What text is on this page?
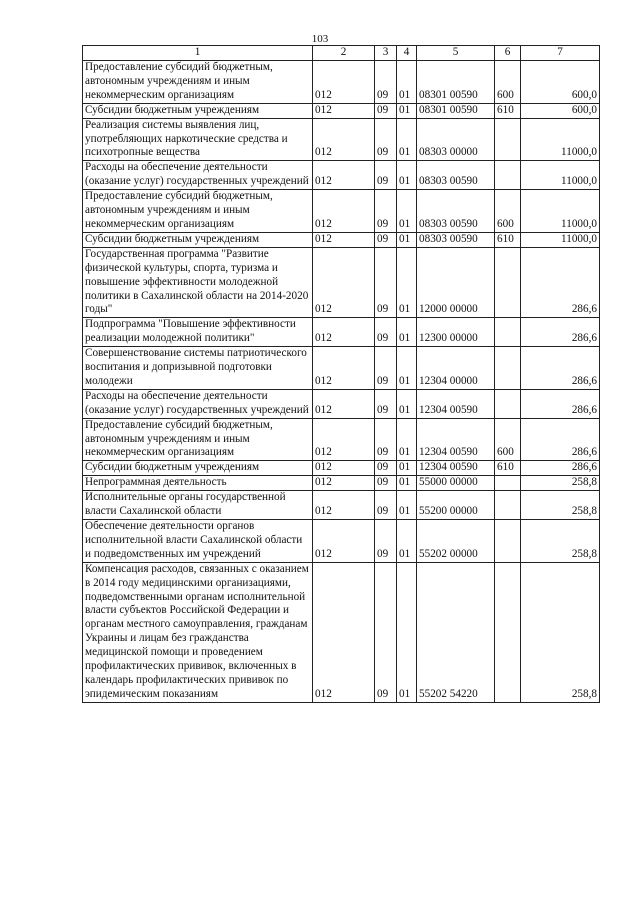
103
1	2	3	4	5	6	7
Предоставление субсидий бюджетным, автономным учреждениям и иным некоммерческим организациям	012	09	01	08301 00590	600	600,0
Субсидии бюджетным учреждениям	012	09	01	08301 00590	610	600,0
Реализация системы выявления лиц, употребляющих наркотические средства и психотропные вещества	012	09	01	08303 00000		11000,0
Расходы на обеспечение деятельности (оказание услуг) государственных учреждений	012	09	01	08303 00590		11000,0
Предоставление субсидий бюджетным, автономным учреждениям и иным некоммерческим организациям	012	09	01	08303 00590	600	11000,0
Субсидии бюджетным учреждениям	012	09	01	08303 00590	610	11000,0
Государственная программа "Развитие физической культуры, спорта, туризма и повышение эффективности молодежной политики в Сахалинской области на 2014-2020 годы"	012	09	01	12000 00000		286,6
Подпрограмма "Повышение эффективности реализации молодежной политики"	012	09	01	12300 00000		286,6
Совершенствование системы патриотического воспитания и допризывной подготовки молодежи	012	09	01	12304 00000		286,6
Расходы на обеспечение деятельности (оказание услуг) государственных учреждений	012	09	01	12304 00590		286,6
Предоставление субсидий бюджетным, автономным учреждениям и иным некоммерческим организациям	012	09	01	12304 00590	600	286,6
Субсидии бюджетным учреждениям	012	09	01	12304 00590	610	286,6
Непрограммная деятельность	012	09	01	55000 00000		258,8
Исполнительные органы государственной власти Сахалинской области	012	09	01	55200 00000		258,8
Обеспечение деятельности органов исполнительной власти Сахалинской области и подведомственных им учреждений	012	09	01	55202 00000		258,8
Компенсация расходов, связанных с оказанием в 2014 году медицинскими организациями, подведомственными органам исполнительной власти субъектов Российской Федерации и органам местного самоуправления, гражданам Украины и лицам без гражданства медицинской помощи и проведением профилактических прививок, включенных в календарь профилактических прививок по эпидемическим показаниям	012	09	01	55202 54220		258,8
